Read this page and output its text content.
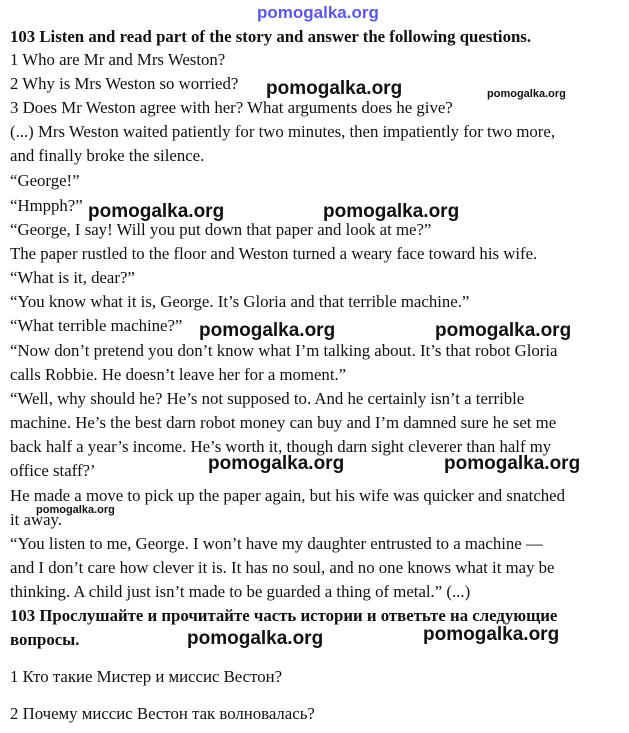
103 Listen and read part of the story and answer the following questions.
1 Who are Mr and Mrs Weston?
2 Why is Mrs Weston so worried?
3 Does Mr Weston agree with her? What arguments does he give?
(...) Mrs Weston waited patiently for two minutes, then impatiently for two more,
and finally broke the silence.
“George!”
“Hmpph?”
“George, I say! Will you put down that paper and look at me?”
The paper rustled to the floor and Weston turned a weary face toward his wife.
“What is it, dear?”
“You know what it is, George. It’s Gloria and that terrible machine.”
“What terrible machine?”
“Now don’t pretend you don’t know what I’m talking about. It’s that robot Gloria
calls Robbie. He doesn’t leave her for a moment.”
“Well, why should he? He’s not supposed to. And he certainly isn’t a terrible
machine. He’s the best darn robot money can buy and I’m damned sure he set me
back half a year’s income. He’s worth it, though darn sight cleverer than half my
office staff?’
He made a move to pick up the paper again, but his wife was quicker and snatched
it away.
“You listen to me, George. I won’t have my daughter entrusted to a machine —
and I don’t care how clever it is. It has no soul, and no one knows what it may be
thinking. A child just isn’t made to be guarded a thing of metal.” (...)
103 Прослушайте и прочитайте часть истории и ответьте на следующие
вопросы.
1 Кто такие Мистер и миссис Вестон?
2 Почему миссис Вестон так волновалась?
pomogalka.org
pomogalka.org	pomogalka.org
pomogalka.org	pomogalka.org
pomogalka.org	pomogalka.org
pomogalka.org	pomogalka.org
pomogalka.org
pomogalka.org	pomogalka.org
